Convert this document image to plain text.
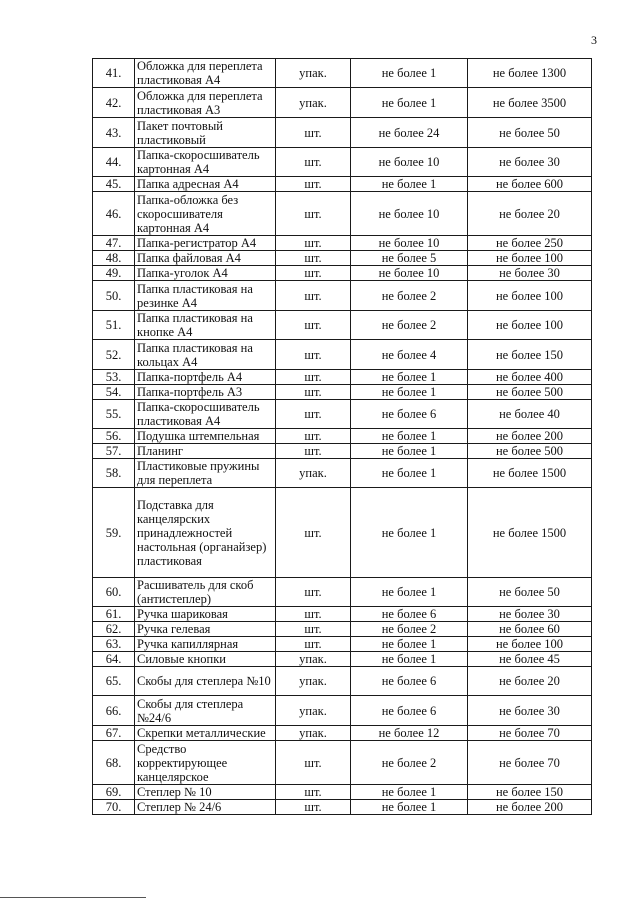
3
41.	Обложка для переплета пластиковая А4	упак.	не более 1	не более 1300
42.	Обложка для переплета пластиковая А3	упак.	не более 1	не более 3500
43.	Пакет почтовый пластиковый	шт.	не более 24	не более 50
44.	Папка-скоросшиватель картонная А4	шт.	не более 10	не более 30
45.	Папка адресная А4	шт.	не более 1	не более 600
46.	Папка-обложка без скоросшивателя картонная А4	шт.	не более 10	не более 20
47.	Папка-регистратор А4	шт.	не более 10	не более 250
48.	Папка файловая А4	шт.	не более 5	не более 100
49.	Папка-уголок А4	шт.	не более 10	не более 30
50.	Папка пластиковая на резинке А4	шт.	не более 2	не более 100
51.	Папка пластиковая на кнопке А4	шт.	не более 2	не более 100
52.	Папка пластиковая на кольцах А4	шт.	не более 4	не более 150
53.	Папка-портфель А4	шт.	не более 1	не более 400
54.	Папка-портфель А3	шт.	не более 1	не более 500
55.	Папка-скоросшиватель пластиковая А4	шт.	не более 6	не более 40
56.	Подушка штемпельная	шт.	не более 1	не более 200
57.	Планинг	шт.	не более 1	не более 500
58.	Пластиковые пружины для переплета	упак.	не более 1	не более 1500
59.	Подставка для канцелярских принадлежностей настольная (органайзер) пластиковая	шт.	не более 1	не более 1500
60.	Расшиватель для скоб (антистеплер)	шт.	не более 1	не более 50
61.	Ручка шариковая	шт.	не более 6	не более 30
62.	Ручка гелевая	шт.	не более 2	не более 60
63.	Ручка капиллярная	шт.	не более 1	не более 100
64.	Силовые кнопки	упак.	не более 1	не более 45
65.	Скобы для степлера №10	упак.	не более 6	не более 20
66.	Скобы для степлера №24/6	упак.	не более 6	не более 30
67.	Скрепки металлические	упак.	не более 12	не более 70
68.	Средство корректирующее канцелярское	шт.	не более 2	не более 70
69.	Степлер № 10	шт.	не более 1	не более 150
70.	Степлер № 24/6	шт.	не более 1	не более 200
